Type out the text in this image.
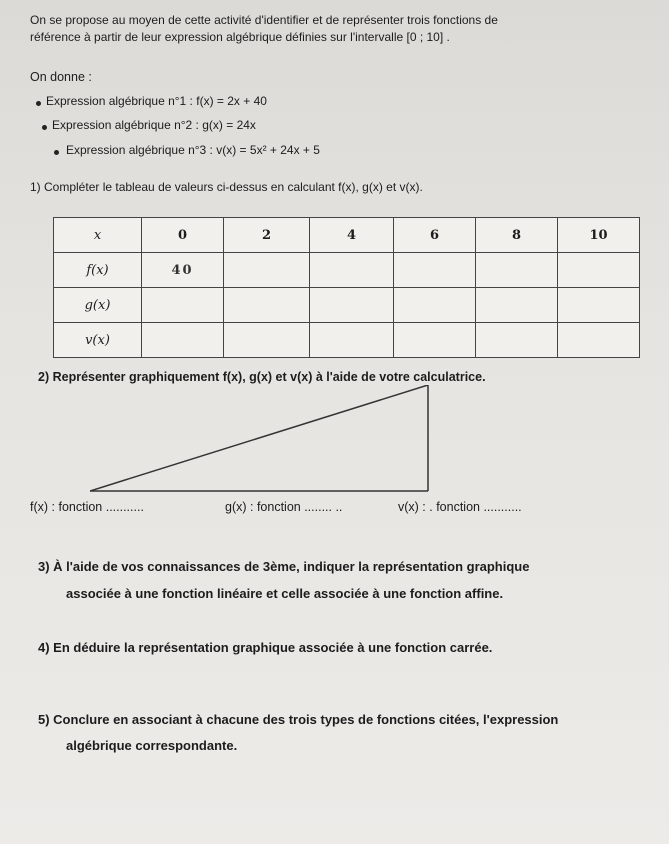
On se propose au moyen de cette activité d'identifier et de représenter trois fonctions de
référence à partir de leur expression algébrique définies sur l'intervalle [0 ; 10] .
On donne :
Expression algébrique n°1 : f(x) = 2x + 40
Expression algébrique n°2 : g(x) = 24x
Expression algébrique n°3 : v(x) = 5x² + 24x + 5
1) Compléter le tableau de valeurs ci-dessus en calculant f(x), g(x) et v(x).
x	0	2	4	6	8	10
f(x)	40					
g(x)						
v(x)						
2) Représenter graphiquement f(x), g(x) et v(x) à l'aide de votre calculatrice.
f(x) : fonction ...........	g(x) : fonction ........ ..	v(x) : . fonction ...........
3) À l'aide de vos connaissances de 3ème, indiquer la représentation graphique
associée à une fonction linéaire et celle associée à une fonction affine.
4) En déduire la représentation graphique associée à une fonction carrée.
5) Conclure en associant à chacune des trois types de fonctions citées, l'expression
algébrique correspondante.
